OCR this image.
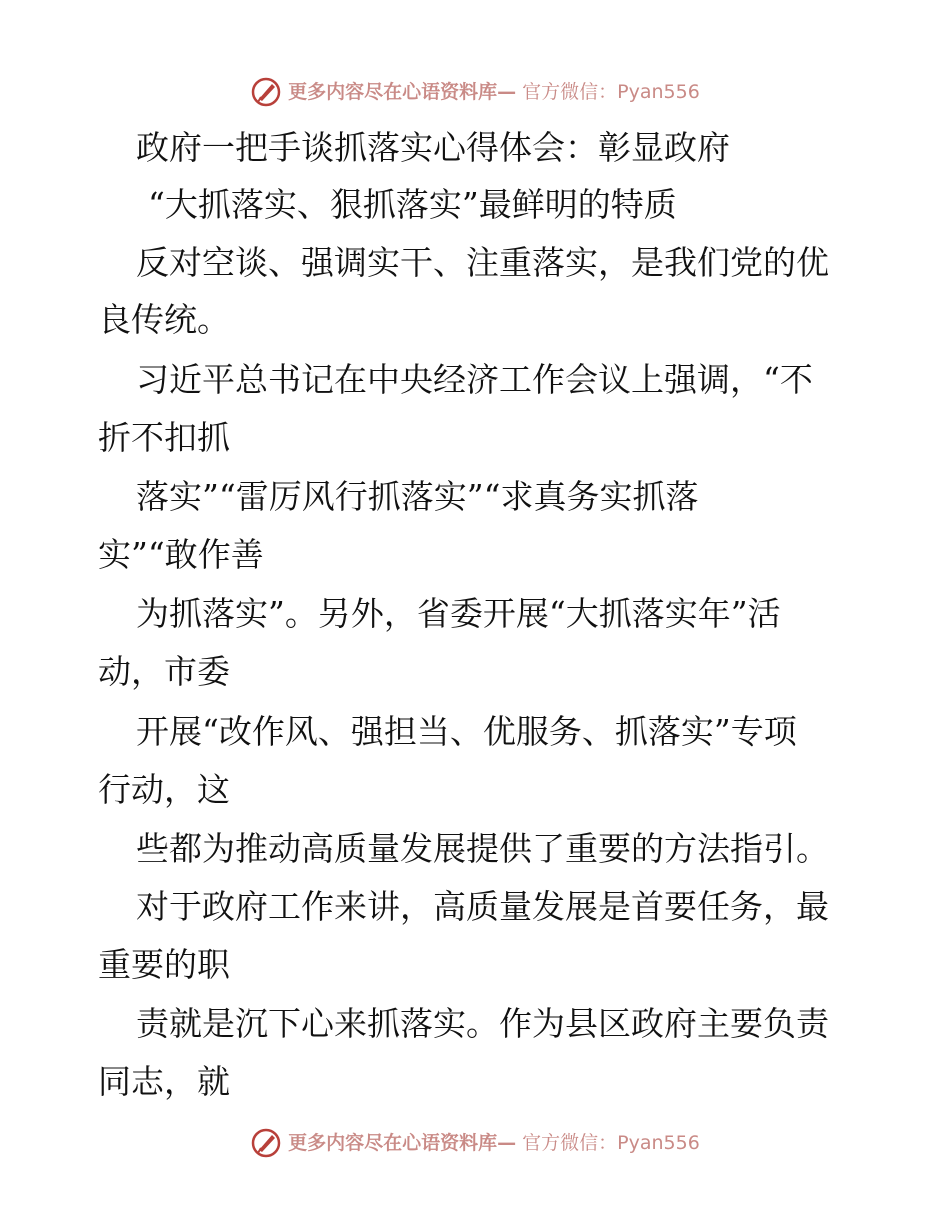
更多内容尽在心语资料库— 官方微信：Pyan556
政府一把手谈抓落实心得体会：彰显政府
“大抓落实、狠抓落实”最鲜明的特质
反对空谈、强调实干、注重落实，是我们党的优
良传统。
习近平总书记在中央经济工作会议上强调，“不
折不扣抓
落实”“雷厉风行抓落实”“求真务实抓落
实”“敢作善
为抓落实”。另外，省委开展“大抓落实年”活
动，市委
开展“改作风、强担当、优服务、抓落实”专项
行动，这
些都为推动高质量发展提供了重要的方法指引。
对于政府工作来讲，高质量发展是首要任务，最
重要的职
责就是沉下心来抓落实。作为县区政府主要负责
同志，就
更多内容尽在心语资料库— 官方微信：Pyan556
